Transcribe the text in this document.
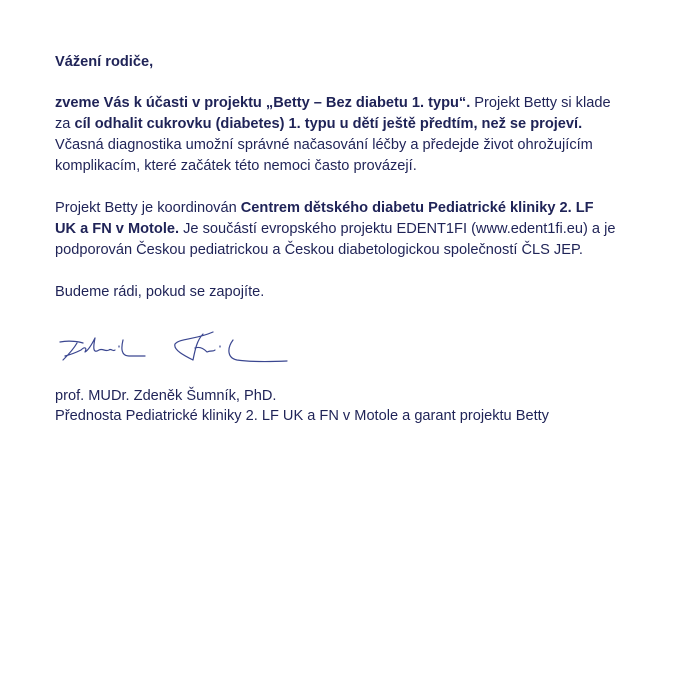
Vážení rodiče,
zveme Vás k účasti v projektu „Betty – Bez diabetu 1. typu“. Projekt Betty si klade
za cíl odhalit cukrovku (diabetes) 1. typu u dětí ještě předtím, než se projeví.
Včasná diagnostika umožní správné načasování léčby a předejde život ohrožujícím
komplikacím, které začátek této nemoci často provázejí.
Projekt Betty je koordinován Centrem dětského diabetu Pediatrické kliniky 2. LF
UK a FN v Motole. Je součástí evropského projektu EDENT1FI (www.edent1fi.eu) a je
podporován Českou pediatrickou a Českou diabetologickou společností ČLS JEP.
Budeme rádi, pokud se zapojíte.
prof. MUDr. Zdeněk Šumník, PhD.
Přednosta Pediatrické kliniky 2. LF UK a FN v Motole a garant projektu Betty
